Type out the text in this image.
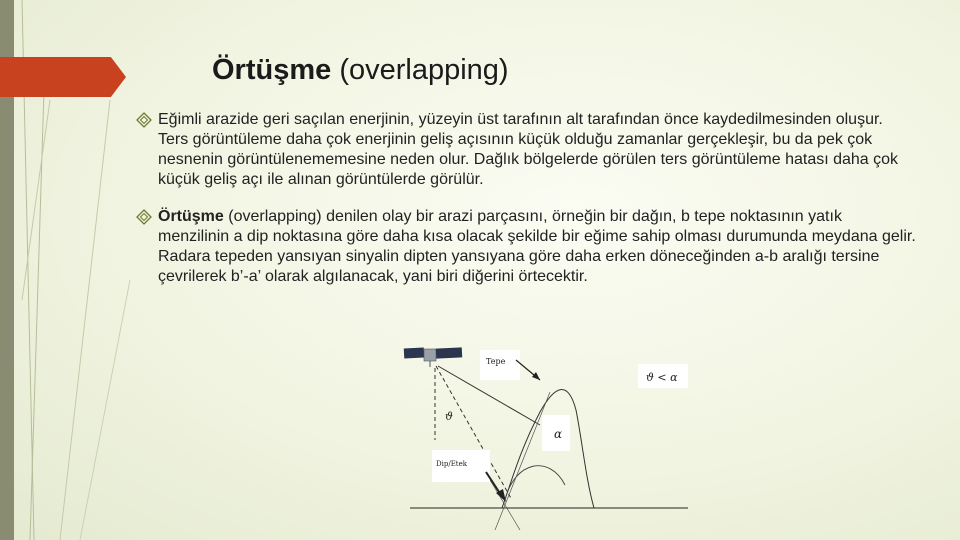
Örtüşme (overlapping)
Eğimli arazide geri saçılan enerjinin, yüzeyin üst tarafının alt tarafından önce kaydedilmesinden oluşur. Ters görüntüleme daha çok enerjinin geliş açısının küçük olduğu zamanlar gerçekleşir, bu da pek çok nesnenin görüntülenememesine neden olur. Dağlık bölgelerde görülen ters görüntüleme hatası daha çok küçük geliş açı ile alınan görüntülerde görülür.
Örtüşme (overlapping) denilen olay bir arazi parçasını, örneğin bir dağın, b tepe noktasının yatık menzilinin a dip noktasına göre daha kısa olacak şekilde bir eğime sahip olması durumunda meydana gelir. Radara tepeden yansıyan sinyalin dipten yansıyana göre daha erken döneceğinden a-b aralığı tersine çevrilerek b’-a’ olarak algılanacak, yani biri diğerini örtecektir.
Tepe
Dip/Etek
ϑ < α
ϑ
α
